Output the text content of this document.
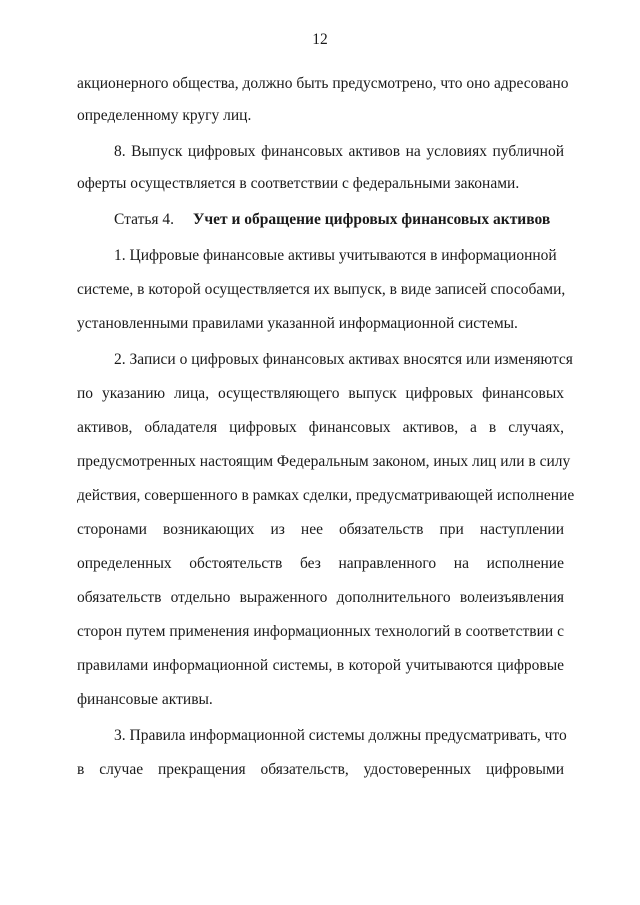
12
акционерного общества, должно быть предусмотрено, что оно адресовано
определенному кругу лиц.
8. Выпуск цифровых финансовых активов на условиях публичной
оферты осуществляется в соответствии с федеральными законами.
Статья 4. Учет и обращение цифровых финансовых активов
1. Цифровые финансовые активы учитываются в информационной
системе, в которой осуществляется их выпуск, в виде записей способами,
установленными правилами указанной информационной системы.
2. Записи о цифровых финансовых активах вносятся или изменяются
по указанию лица, осуществляющего выпуск цифровых финансовых
активов, обладателя цифровых финансовых активов, а в случаях,
предусмотренных настоящим Федеральным законом, иных лиц или в силу
действия, совершенного в рамках сделки, предусматривающей исполнение
сторонами возникающих из нее обязательств при наступлении
определенных обстоятельств без направленного на исполнение
обязательств отдельно выраженного дополнительного волеизъявления
сторон путем применения информационных технологий в соответствии с
правилами информационной системы, в которой учитываются цифровые
финансовые активы.
3. Правила информационной системы должны предусматривать, что
в случае прекращения обязательств, удостоверенных цифровыми
